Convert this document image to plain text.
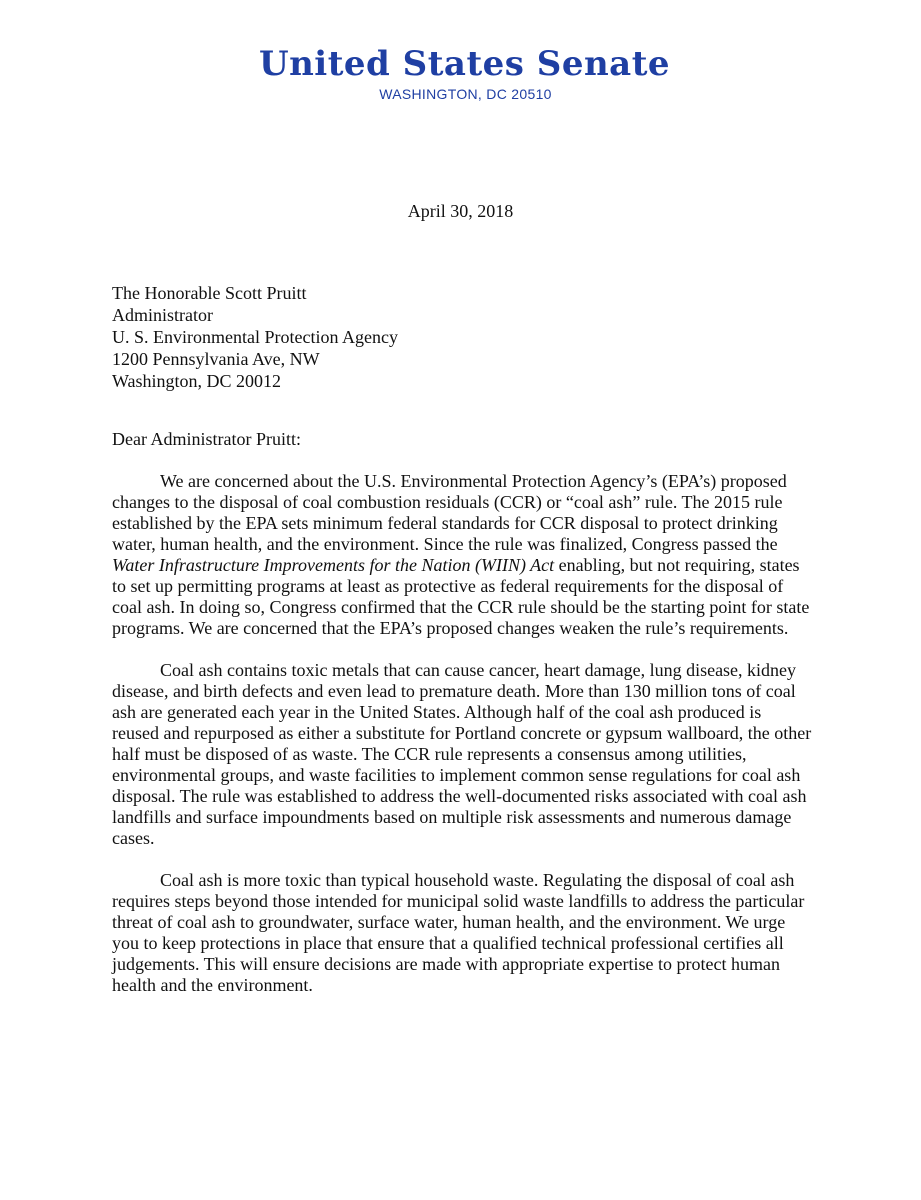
United States Senate
WASHINGTON, DC 20510
April 30, 2018
The Honorable Scott Pruitt
Administrator
U. S. Environmental Protection Agency
1200 Pennsylvania Ave, NW
Washington, DC 20012
Dear Administrator Pruitt:
We are concerned about the U.S. Environmental Protection Agency’s (EPA’s) proposed
changes to the disposal of coal combustion residuals (CCR) or “coal ash” rule. The 2015 rule
established by the EPA sets minimum federal standards for CCR disposal to protect drinking
water, human health, and the environment. Since the rule was finalized, Congress passed the
Water Infrastructure Improvements for the Nation (WIIN) Act enabling, but not requiring, states
to set up permitting programs at least as protective as federal requirements for the disposal of
coal ash. In doing so, Congress confirmed that the CCR rule should be the starting point for state
programs. We are concerned that the EPA’s proposed changes weaken the rule’s requirements.
Coal ash contains toxic metals that can cause cancer, heart damage, lung disease, kidney
disease, and birth defects and even lead to premature death. More than 130 million tons of coal
ash are generated each year in the United States. Although half of the coal ash produced is
reused and repurposed as either a substitute for Portland concrete or gypsum wallboard, the other
half must be disposed of as waste. The CCR rule represents a consensus among utilities,
environmental groups, and waste facilities to implement common sense regulations for coal ash
disposal. The rule was established to address the well-documented risks associated with coal ash
landfills and surface impoundments based on multiple risk assessments and numerous damage
cases.
Coal ash is more toxic than typical household waste. Regulating the disposal of coal ash
requires steps beyond those intended for municipal solid waste landfills to address the particular
threat of coal ash to groundwater, surface water, human health, and the environment. We urge
you to keep protections in place that ensure that a qualified technical professional certifies all
judgements. This will ensure decisions are made with appropriate expertise to protect human
health and the environment.
